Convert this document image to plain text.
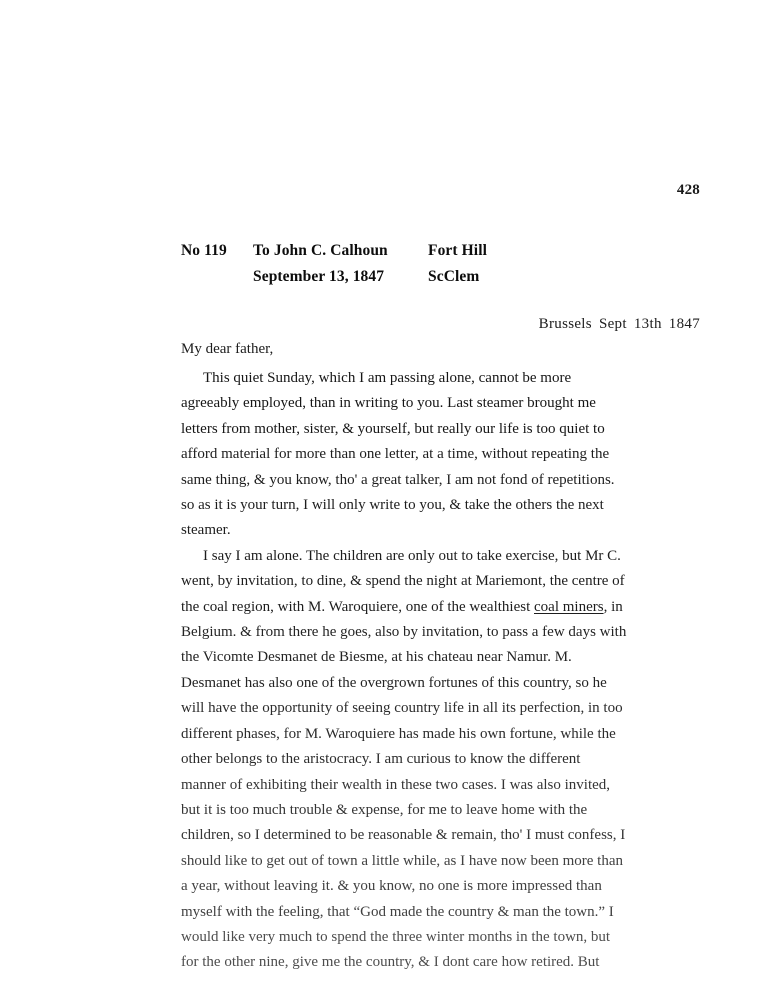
428
No 119 To John C. Calhoun	Fort Hill
September 13, 1847	ScClem
Brussels Sept 13th 1847
My dear father,
This quiet Sunday, which I am passing alone, cannot be more
agreeably employed, than in writing to you. Last steamer brought me
letters from mother, sister, & yourself, but really our life is too quiet to
afford material for more than one letter, at a time, without repeating the
same thing, & you know, tho' a great talker, I am not fond of repetitions.
so as it is your turn, I will only write to you, & take the others the next
steamer.
I say I am alone. The children are only out to take exercise, but Mr C.
went, by invitation, to dine, & spend the night at Mariemont, the centre of
the coal region, with M. Waroquiere, one of the wealthiest coal miners, in
Belgium. & from there he goes, also by invitation, to pass a few days with
the Vicomte Desmanet de Biesme, at his chateau near Namur. M.
Desmanet has also one of the overgrown fortunes of this country, so he
will have the opportunity of seeing country life in all its perfection, in too
different phases, for M. Waroquiere has made his own fortune, while the
other belongs to the aristocracy. I am curious to know the different
manner of exhibiting their wealth in these two cases. I was also invited,
but it is too much trouble & expense, for me to leave home with the
children, so I determined to be reasonable & remain, tho' I must confess, I
should like to get out of town a little while, as I have now been more than
a year, without leaving it. & you know, no one is more impressed than
myself with the feeling, that “God made the country & man the town.” I
would like very much to spend the three winter months in the town, but
for the other nine, give me the country, & I dont care how retired. But
